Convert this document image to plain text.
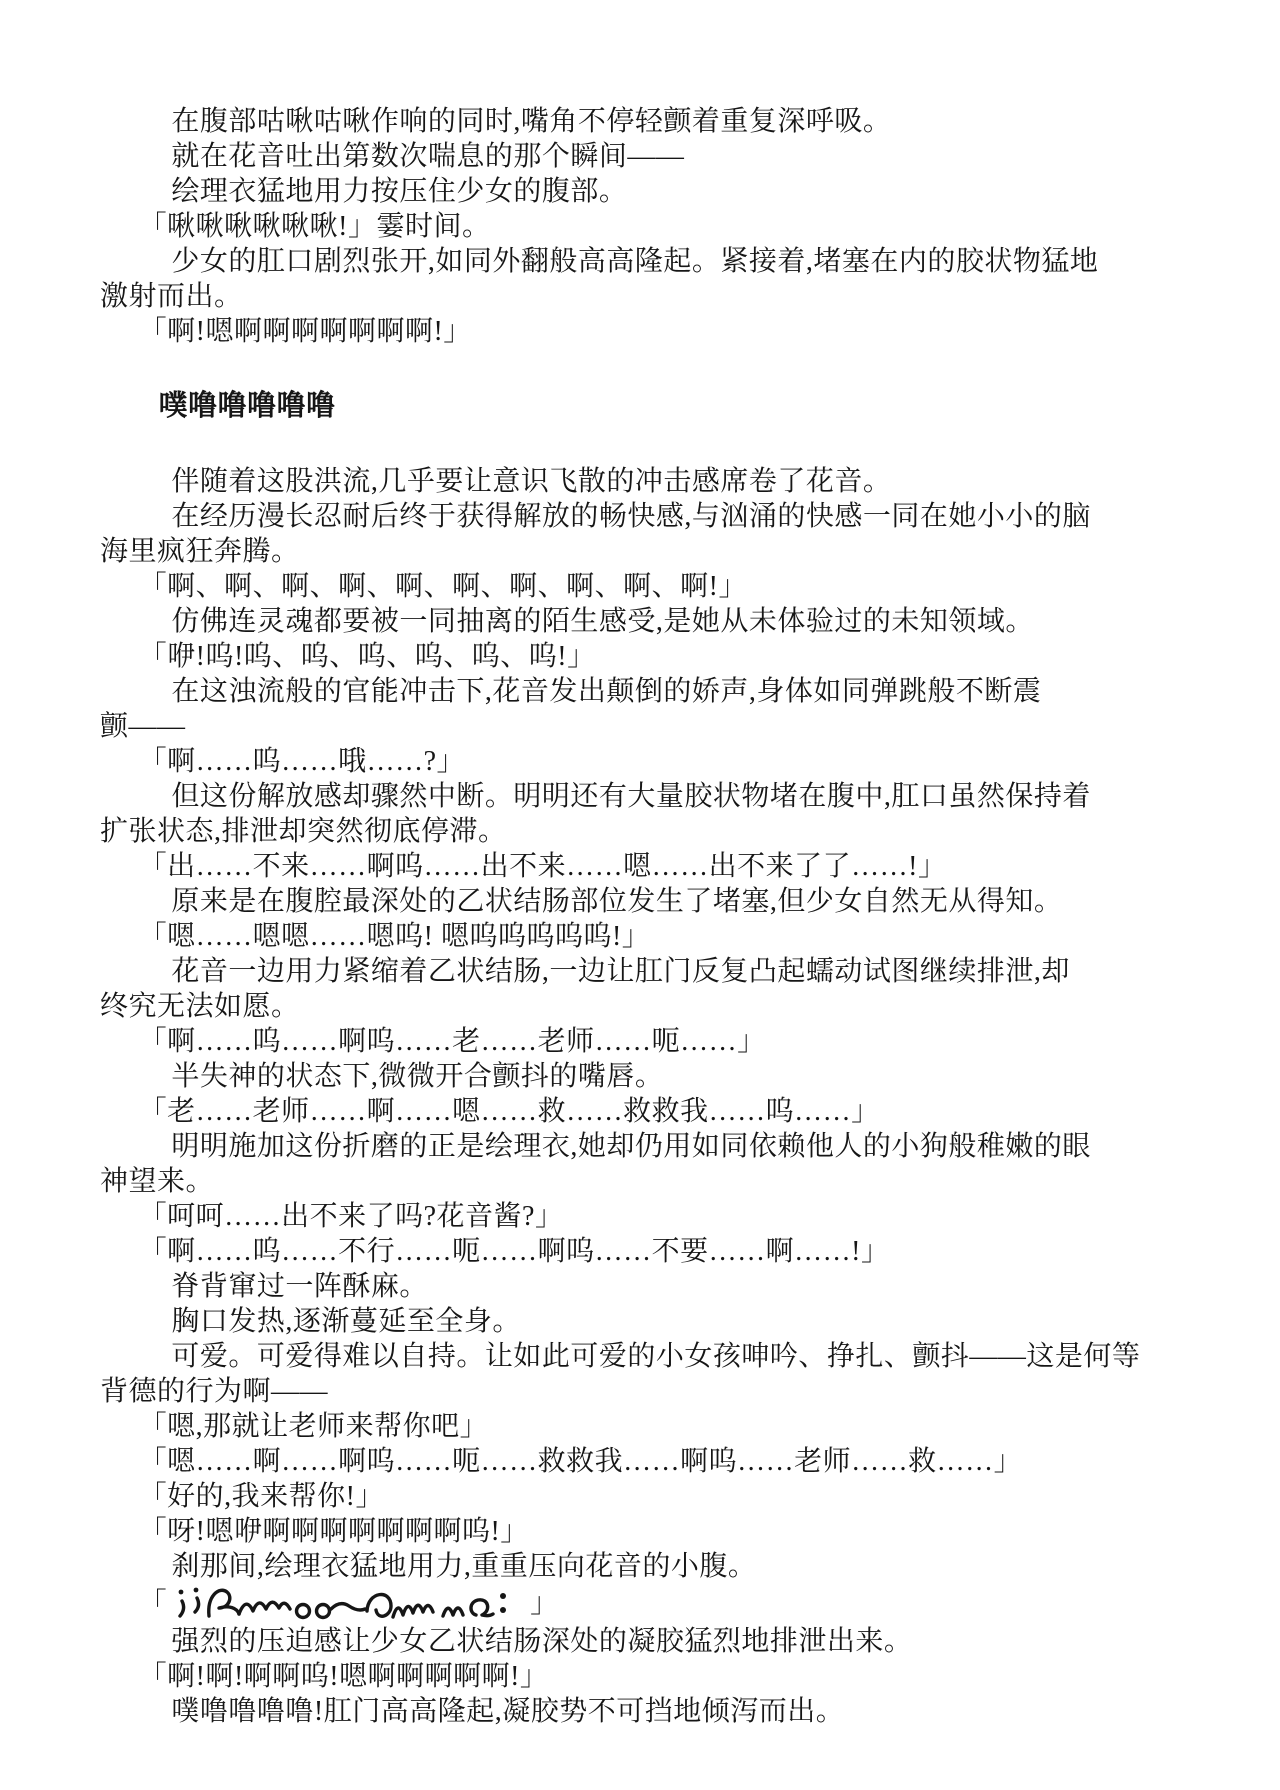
在腹部咕啾咕啾作响的同时,嘴角不停轻颤着重复深呼吸。

就在花音吐出第数次喘息的那个瞬间——

绘理衣猛地用力按压住少女的腹部。

「啾啾啾啾啾啾!」霎时间。

少女的肛口剧烈张开,如同外翻般高高隆起。紧接着,堵塞在内的胶状物猛地

激射而出。

「啊!嗯啊啊啊啊啊啊啊!」

噗噜噜噜噜噜

伴随着这股洪流,几乎要让意识飞散的冲击感席卷了花音。

在经历漫长忍耐后终于获得解放的畅快感,与汹涌的快感一同在她小小的脑

海里疯狂奔腾。

「啊、啊、啊、啊、啊、啊、啊、啊、啊、啊!」

仿佛连灵魂都要被一同抽离的陌生感受,是她从未体验过的未知领域。

「咿!呜!呜、呜、呜、呜、呜、呜!」

在这浊流般的官能冲击下,花音发出颠倒的娇声,身体如同弹跳般不断震

颤——

「啊……呜……哦……?」

但这份解放感却骤然中断。明明还有大量胶状物堵在腹中,肛口虽然保持着

扩张状态,排泄却突然彻底停滞。

「出……不来……啊呜……出不来……嗯……出不来了了……!」

原来是在腹腔最深处的乙状结肠部位发生了堵塞,但少女自然无从得知。

「嗯……嗯嗯……嗯呜! 嗯呜呜呜呜呜!」

花音一边用力紧缩着乙状结肠,一边让肛门反复凸起蠕动试图继续排泄,却

终究无法如愿。

「啊……呜……啊呜……老……老师……呃……」

半失神的状态下,微微开合颤抖的嘴唇。

「老……老师……啊……嗯……救……救救我……呜……」

明明施加这份折磨的正是绘理衣,她却仍用如同依赖他人的小狗般稚嫩的眼

神望来。

「呵呵……出不来了吗?花音酱?」

「啊……呜……不行……呃……啊呜……不要……啊……!」

脊背窜过一阵酥麻。

胸口发热,逐渐蔓延至全身。

可爱。可爱得难以自持。让如此可爱的小女孩呻吟、挣扎、颤抖——这是何等

背德的行为啊——

「嗯,那就让老师来帮你吧」

「嗯……啊……啊呜……呃……救救我……啊呜……老师……救……」

「好的,我来帮你!」

「呀!嗯咿啊啊啊啊啊啊啊呜!」

刹那间,绘理衣猛地用力,重重压向花音的小腹。

「	」

强烈的压迫感让少女乙状结肠深处的凝胶猛烈地排泄出来。

「啊!啊!啊啊呜!嗯啊啊啊啊啊!」

噗噜噜噜噜!肛门高高隆起,凝胶势不可挡地倾泻而出。
